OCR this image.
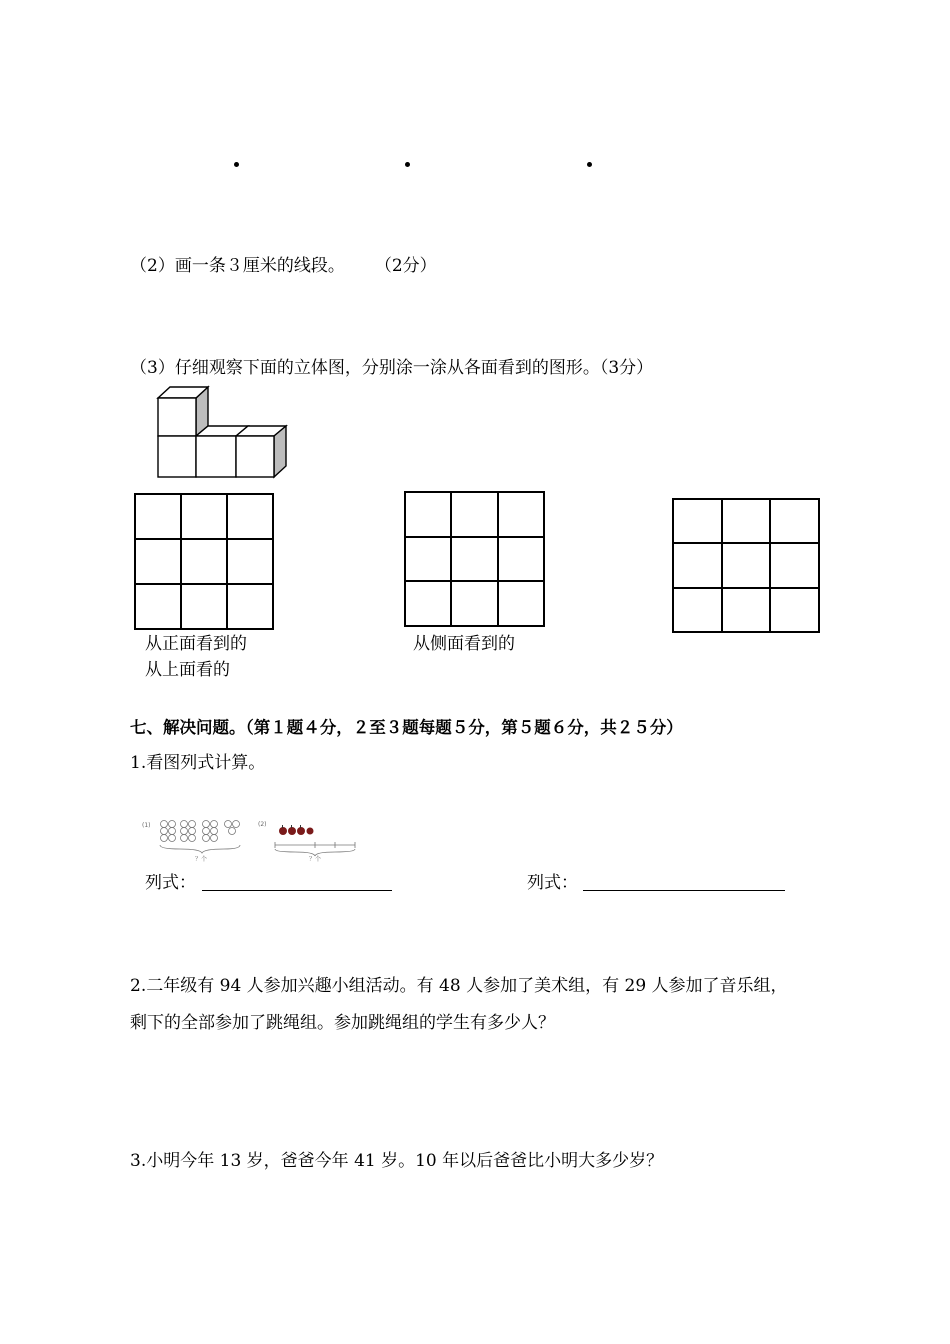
（2）画一条３厘米的线段。 （2分）
（3）仔细观察下面的立体图，分别涂一涂从各面看到的图形。（3分）
从正面看到的
从上面看的
从侧面看到的
七、解决问题。（第１题４分，２至３题每题５分，第５题６分，共２５分）
1.看图列式计算。
(1)	(2)
？个	？个
列式：	列式：
2.二年级有 94 人参加兴趣小组活动。有 48 人参加了美术组，有 29 人参加了音乐组，
剩下的全部参加了跳绳组。参加跳绳组的学生有多少人？
3.小明今年 13 岁，爸爸今年 41 岁。10 年以后爸爸比小明大多少岁？
